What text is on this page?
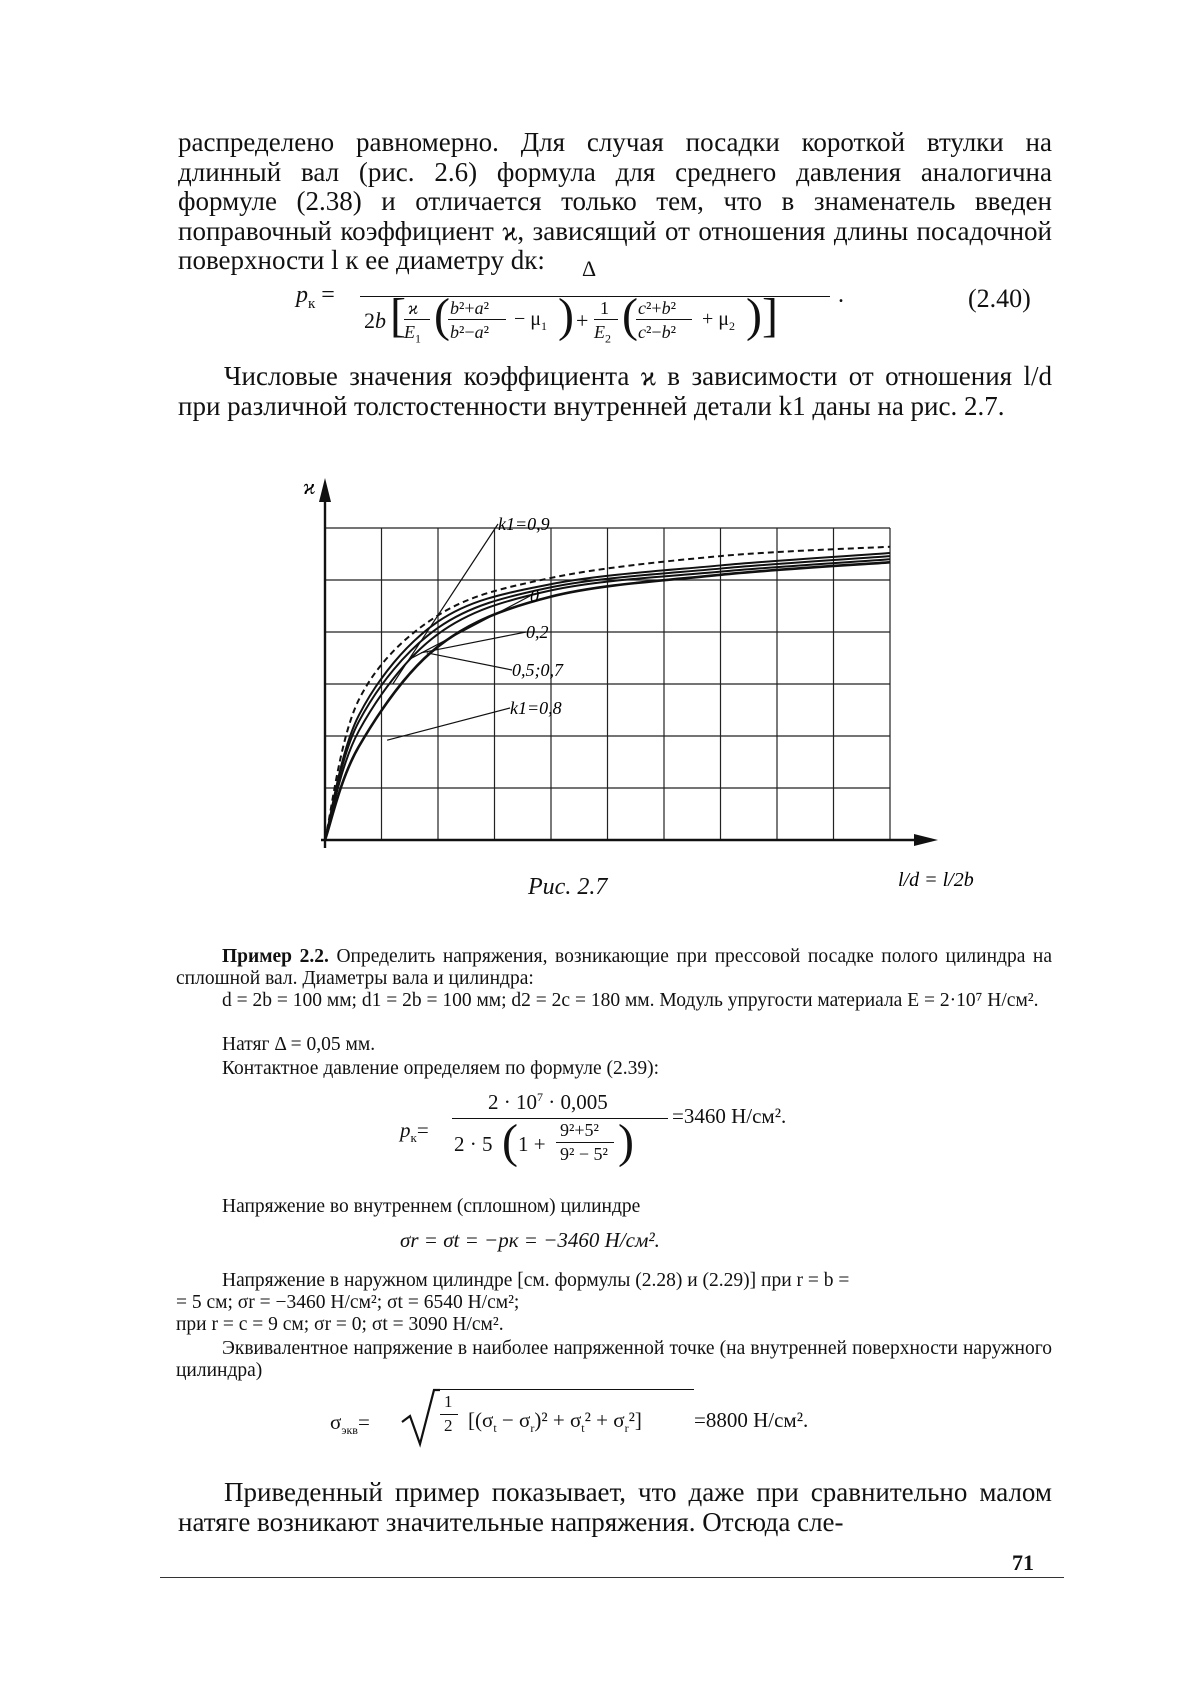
распределено равномерно. Для случая посадки короткой втулки на длинный вал (рис. 2.6) формула для среднего давления аналогична формуле (2.38) и отличается только тем, что в знаменатель введен поправочный коэффициент ϰ, зависящий от отношения длины посадочной поверхности l к ее диаметру dк:
$p_к$ =
Δ
2b [ ϰ
$E_1$ ( b²+a²
b²−a²
− $\mu_1$ ) + 1
$E_2$ ( c²+b²
c²−b²
+ $\mu_2$ ) ]	.	(2.40)
Числовые значения коэффициента ϰ в зависимости от отношения l/d при различной толстостенности внутренней детали k1 даны на рис. 2.7.
ϰ
l/d = l/2b
k1=0,9
0
0,2
0,5;0,7
k1=0,8
Рис. 2.7
Пример 2.2. Определить напряжения, возникающие при прессовой посадке полого цилиндра на сплошной вал. Диаметры вала и цилиндра:
d = 2b = 100 мм; d1 = 2b = 100 мм; d2 = 2c = 180 мм. Модуль упругости материала E = 2·10⁷ Н/см².
Натяг Δ = 0,05 мм.
Контактное давление определяем по формуле (2.39):
$p_к=$
$2 \cdot 10^7 \cdot 0,005$
2 · 5 ( 1 +
9²+5²
9² − 5² ) =3460 Н/см².
Напряжение во внутреннем (сплошном) цилиндре
σr = σt = −pк = −3460 Н/см².
Напряжение в наружном цилиндре [см. формулы (2.28) и (2.29)] при r = b =
= 5 см; σr = −3460 Н/см²; σt = 6540 Н/см²;
при r = c = 9 см; σr = 0; σt = 3090 Н/см².
Эквивалентное напряжение в наиболее напряженной точке (на внутренней поверхности наружного цилиндра)
$\sigma_{экв}=$
1
2 $[(\sigma_t - \sigma_r)^2 + \sigma_t^2 + \sigma_r^2] =8800$ Н/см².
Приведенный пример показывает, что даже при сравнительно малом натяге возникают значительные напряжения. Отсюда сле-
71
